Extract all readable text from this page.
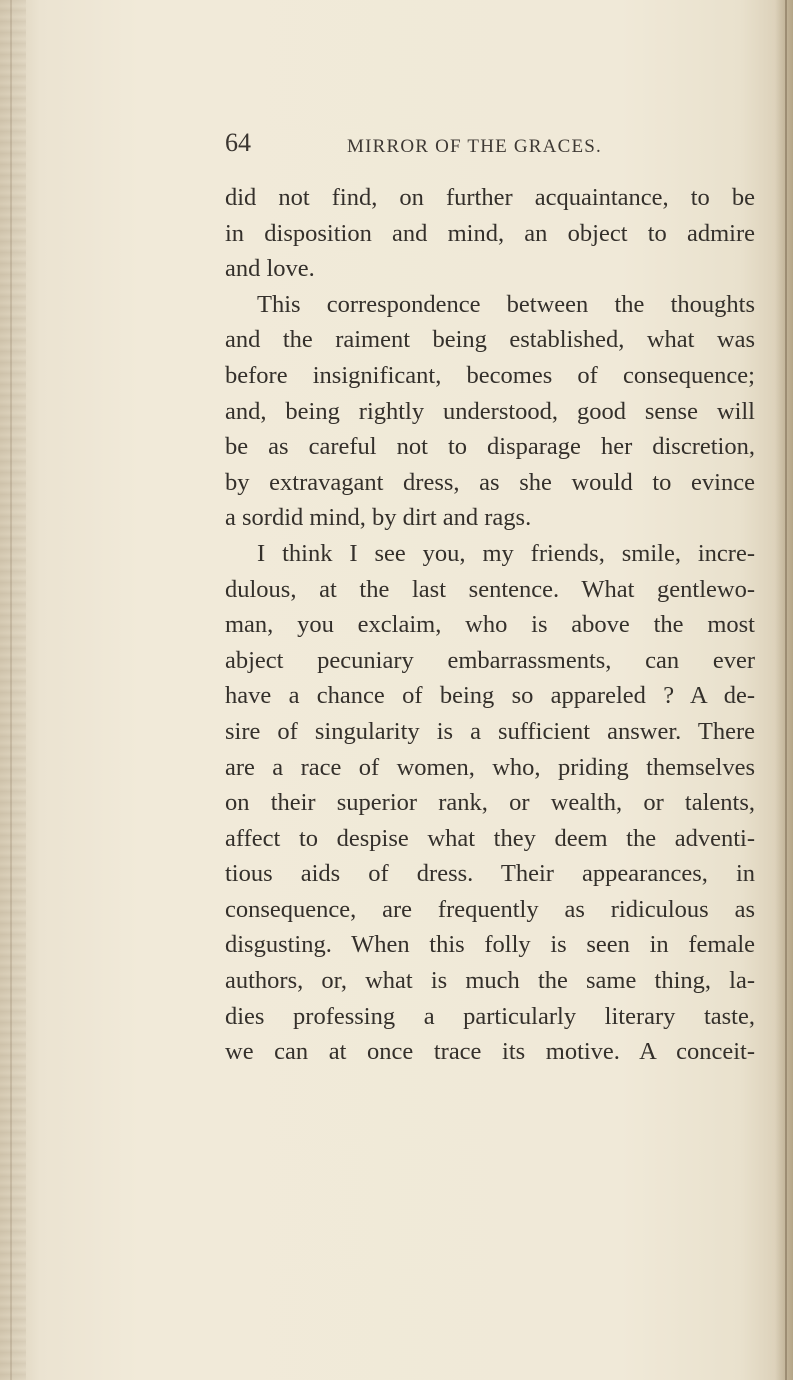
64	MIRROR OF THE GRACES.
did not find, on further acquaintance, to be
in disposition and mind, an object to admire
and love.
This correspondence between the thoughts
and the raiment being established, what was
before insignificant, becomes of consequence;
and, being rightly understood, good sense will
be as careful not to disparage her discretion,
by extravagant dress, as she would to evince
a sordid mind, by dirt and rags.
I think I see you, my friends, smile, incre-
dulous, at the last sentence. What gentlewo-
man, you exclaim, who is above the most
abject pecuniary embarrassments, can ever
have a chance of being so appareled ? A de-
sire of singularity is a sufficient answer. There
are a race of women, who, priding themselves
on their superior rank, or wealth, or talents,
affect to despise what they deem the adventi-
tious aids of dress. Their appearances, in
consequence, are frequently as ridiculous as
disgusting. When this folly is seen in female
authors, or, what is much the same thing, la-
dies professing a particularly literary taste,
we can at once trace its motive. A conceit-
